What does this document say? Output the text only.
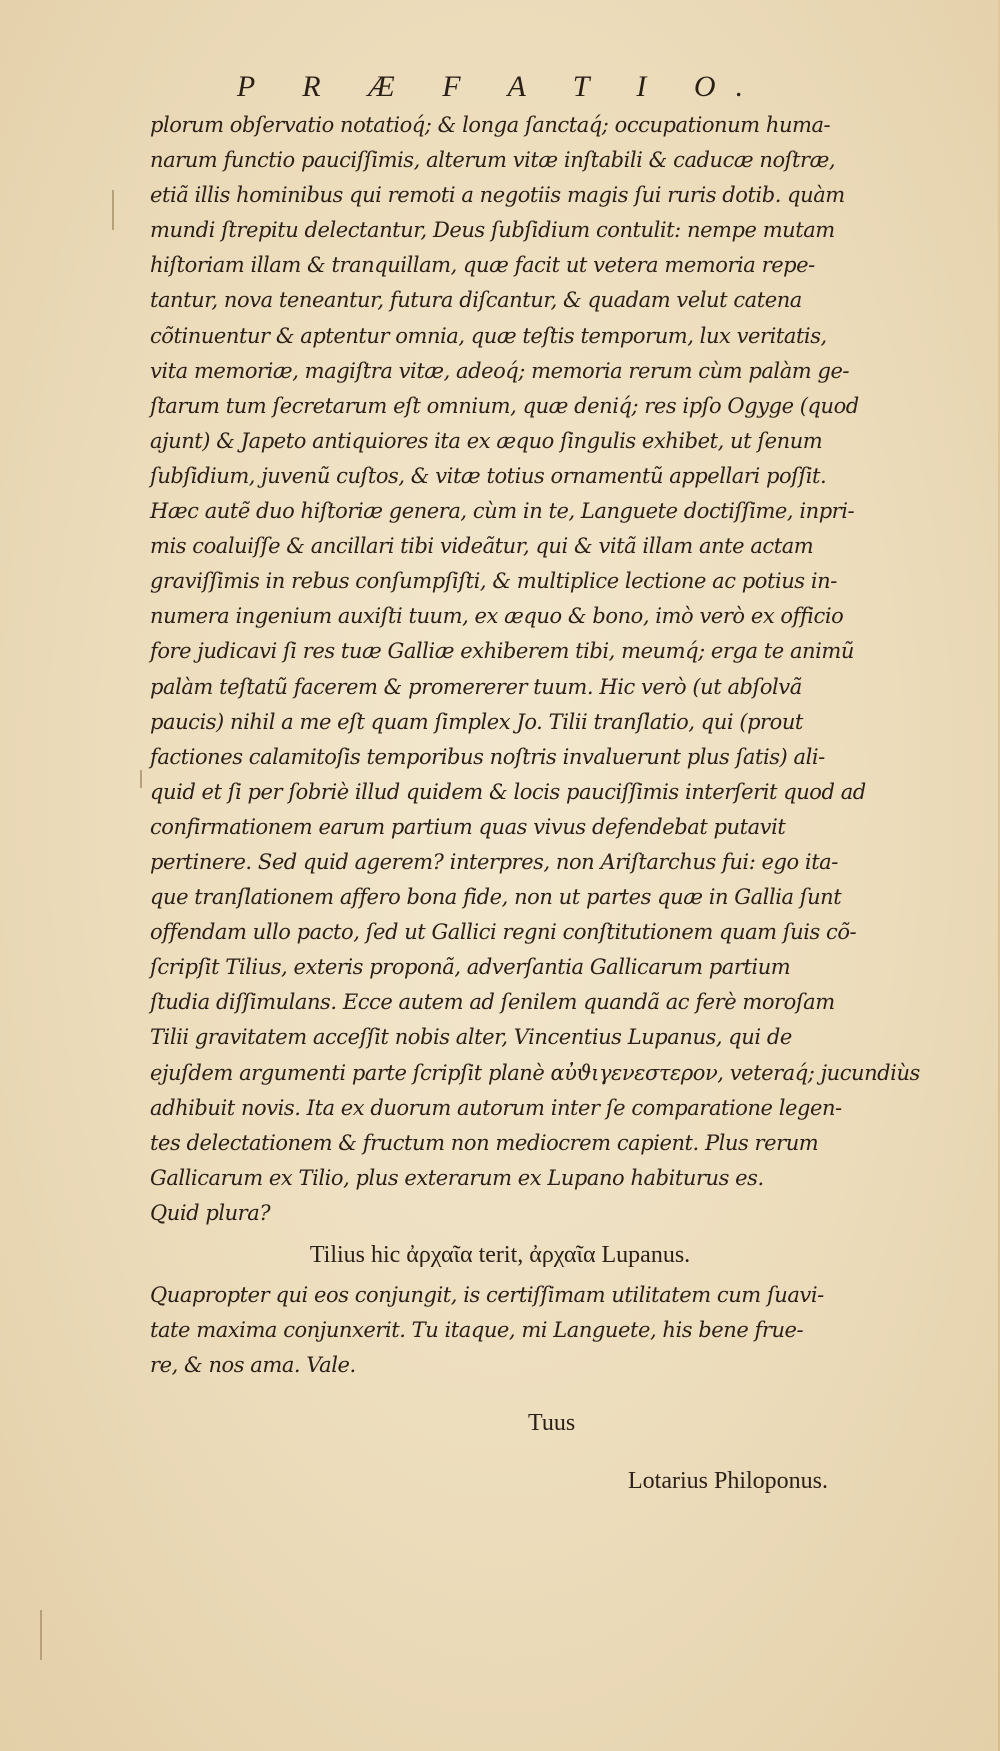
P R Æ F A T I O.
plorum obſervatio notatioq́; & longa ſanctaq́; occupationum huma-
narum functio pauciſſimis, alterum vitæ inſtabili & caducæ noſtræ,
etiã illis hominibus qui remoti a negotiis magis ſui ruris dotib. quàm
mundi ſtrepitu delectantur, Deus ſubſidium contulit: nempe mutam
hiſtoriam illam & tranquillam, quæ facit ut vetera memoria repe-
tantur, nova teneantur, futura diſcantur, & quadam velut catena
cõtinuentur & aptentur omnia, quæ teſtis temporum, lux veritatis,
vita memoriæ, magiſtra vitæ, adeoq́; memoria rerum cùm palàm ge-
ſtarum tum ſecretarum eſt omnium, quæ deniq́; res ipſo Ogyge (quod
ajunt) & Japeto antiquiores ita ex æquo ſingulis exhibet, ut ſenum
ſubſidium, juvenũ cuſtos, & vitæ totius ornamentũ appellari poſſit.
Hæc autẽ duo hiſtoriæ genera, cùm in te, Languete doctiſſime, inpri-
mis coaluiſſe & ancillari tibi videãtur, qui & vitã illam ante actam
graviſſimis in rebus conſumpſiſti, & multiplice lectione ac potius in-
numera ingenium auxiſti tuum, ex æquo & bono, imò verò ex officio
fore judicavi ſi res tuæ Galliæ exhiberem tibi, meumq́; erga te animũ
palàm teſtatũ facerem & promererer tuum. Hic verò (ut abſolvã
paucis) nihil a me eſt quam ſimplex Jo. Tilii tranſlatio, qui (prout
factiones calamitoſis temporibus noſtris invaluerunt plus ſatis) ali-
quid et ſi per ſobriè illud quidem & locis pauciſſimis interſerit quod ad
confirmationem earum partium quas vivus defendebat putavit
pertinere. Sed quid agerem? interpres, non Ariſtarchus fui: ego ita-
que tranſlationem affero bona fide, non ut partes quæ in Gallia ſunt
offendam ullo pacto, ſed ut Gallici regni conſtitutionem quam ſuis cõ-
ſcripſit Tilius, exteris proponã, adverſantia Gallicarum partium
ſtudia diſſimulans. Ecce autem ad ſenilem quandã ac ferè moroſam
Tilii gravitatem acceſſit nobis alter, Vincentius Lupanus, qui de
ejuſdem argumenti parte ſcripſit planè αὐϑιγενεστερον, veteraq́; jucundiùs
adhibuit novis. Ita ex duorum autorum inter ſe comparatione legen-
tes delectationem & fructum non mediocrem capient. Plus rerum
Gallicarum ex Tilio, plus exterarum ex Lupano habiturus es.
Quid plura?
Tilius hic ἀρχαῖα terit, ἀρχαῖα Lupanus.
Quapropter qui eos conjungit, is certiſſimam utilitatem cum ſuavi-
tate maxima conjunxerit. Tu itaque, mi Languete, his bene frue-
re, & nos ama. Vale.
Tuus
Lotarius Philoponus.
